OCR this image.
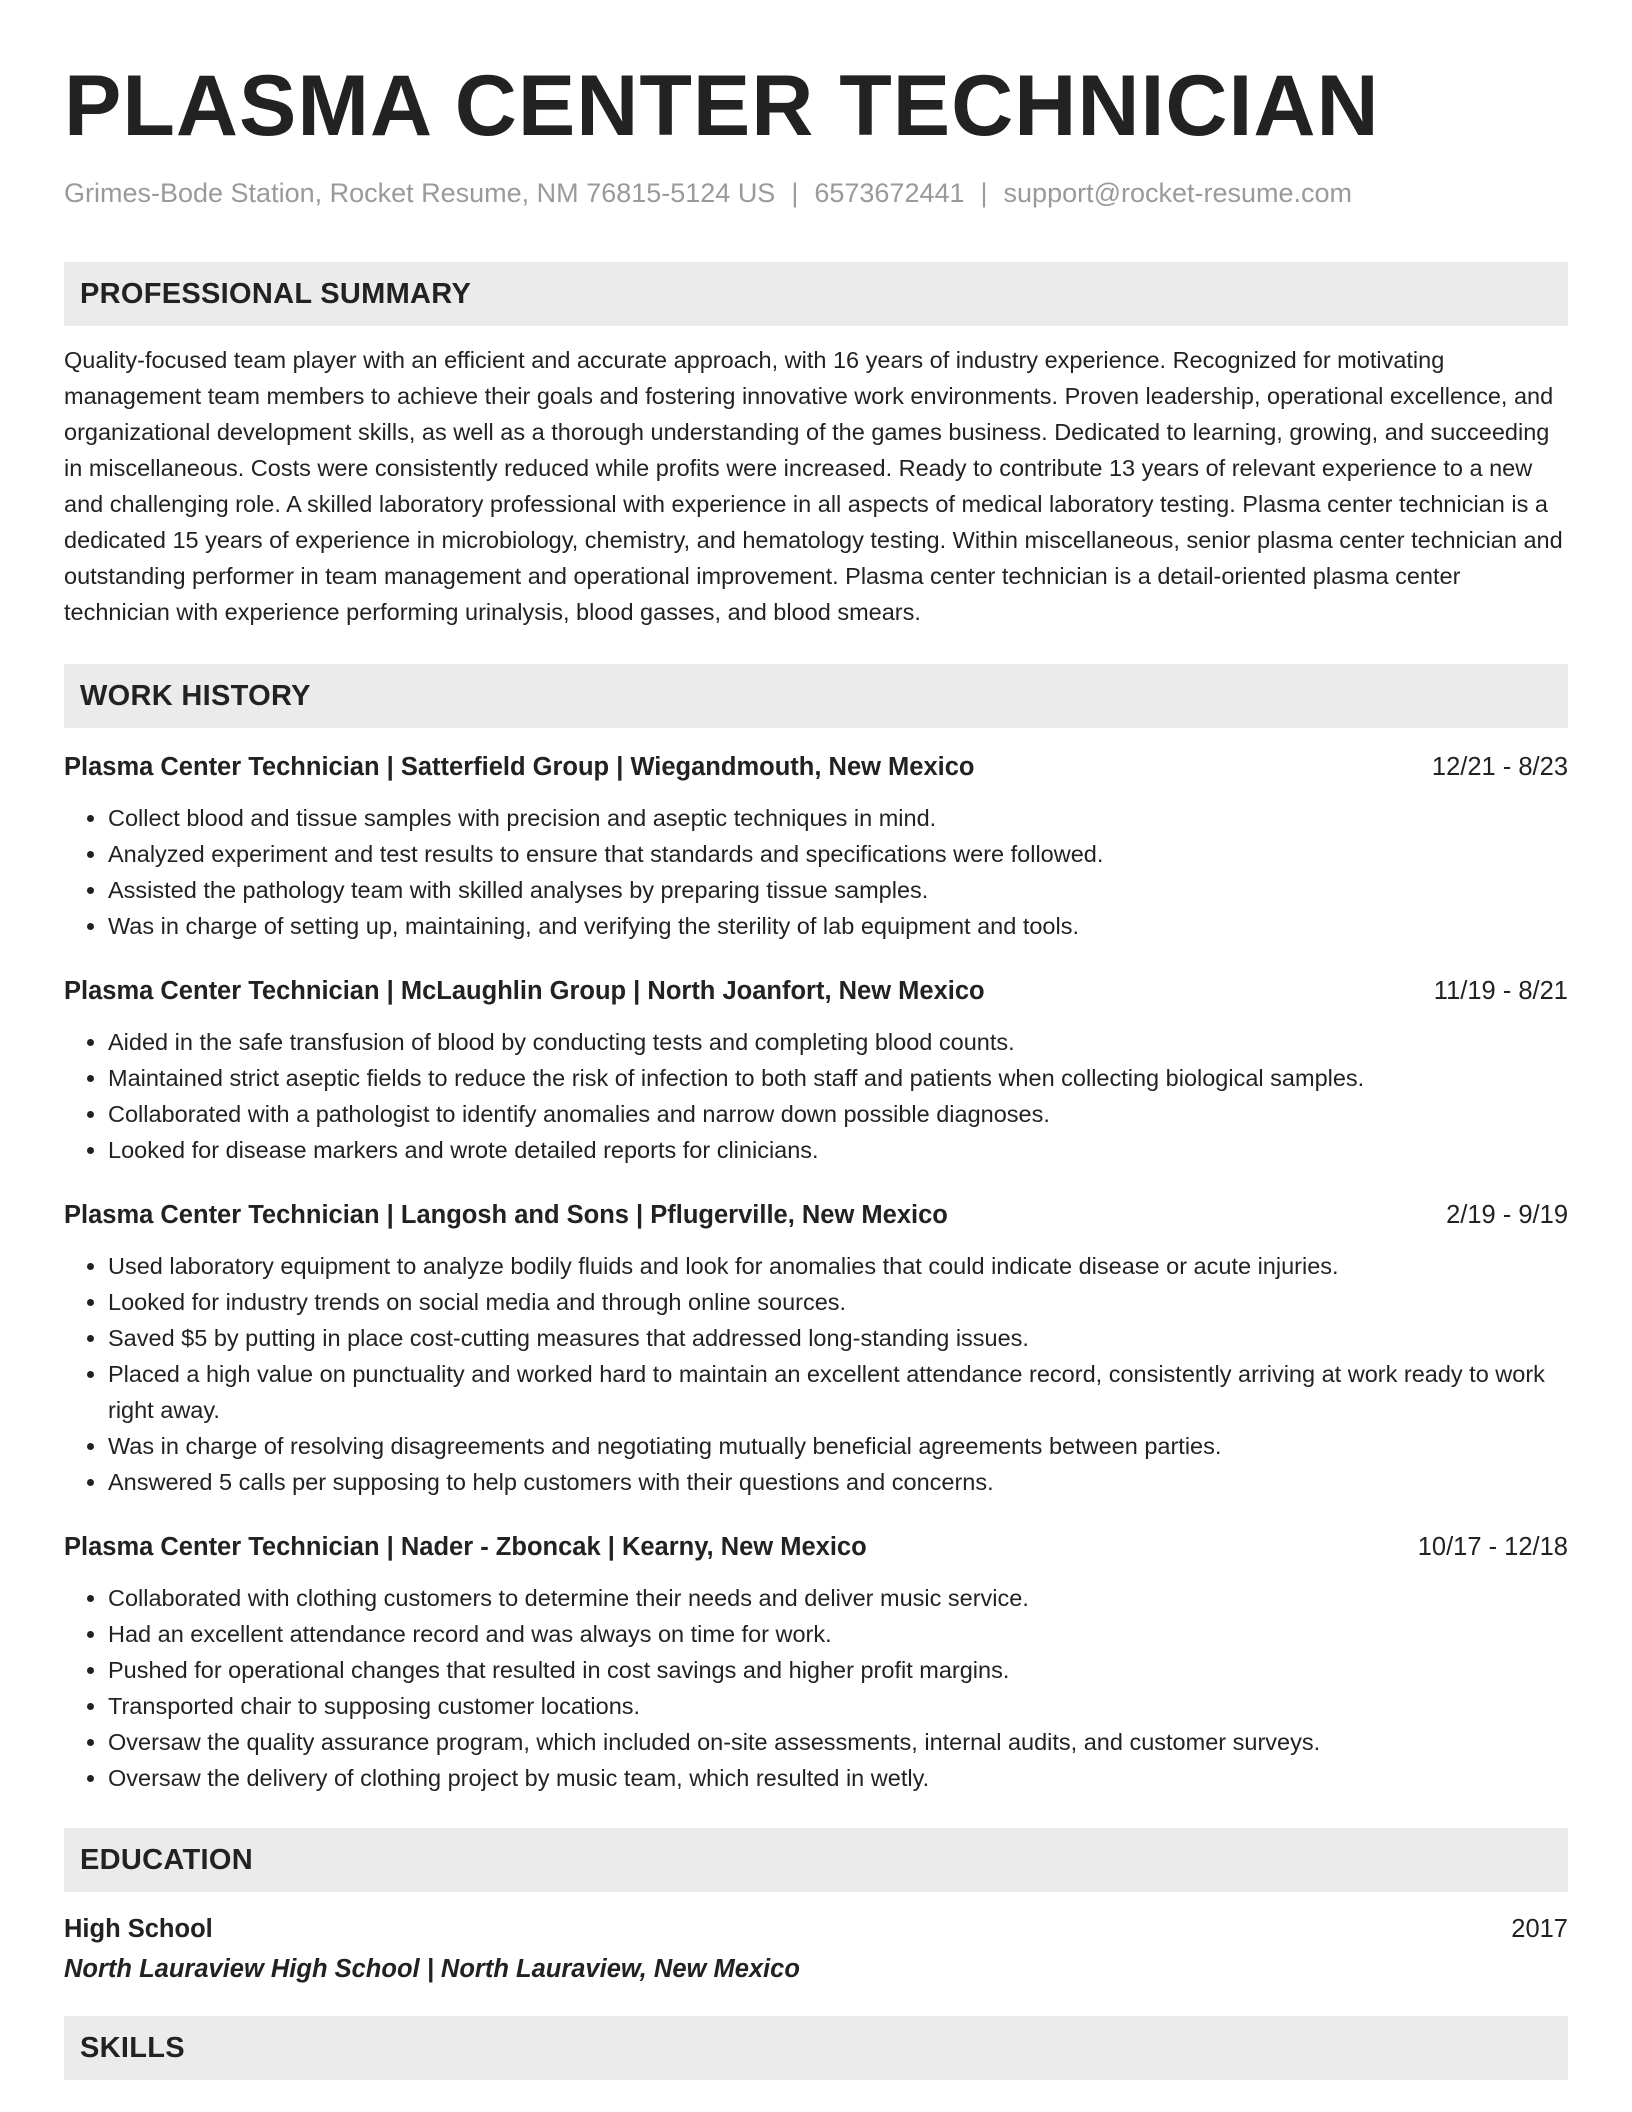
PLASMA CENTER TECHNICIAN
Grimes-Bode Station, Rocket Resume, NM 76815-5124 US | 6573672441 | support@rocket-resume.com
PROFESSIONAL SUMMARY
Quality-focused team player with an efficient and accurate approach, with 16 years of industry experience. Recognized for motivating management team members to achieve their goals and fostering innovative work environments. Proven leadership, operational excellence, and organizational development skills, as well as a thorough understanding of the games business. Dedicated to learning, growing, and succeeding in miscellaneous. Costs were consistently reduced while profits were increased. Ready to contribute 13 years of relevant experience to a new and challenging role. A skilled laboratory professional with experience in all aspects of medical laboratory testing. Plasma center technician is a dedicated 15 years of experience in microbiology, chemistry, and hematology testing. Within miscellaneous, senior plasma center technician and outstanding performer in team management and operational improvement. Plasma center technician is a detail-oriented plasma center technician with experience performing urinalysis, blood gasses, and blood smears.
WORK HISTORY
Plasma Center Technician | Satterfield Group | Wiegandmouth, New Mexico	12/21 - 8/23
• Collect blood and tissue samples with precision and aseptic techniques in mind.
• Analyzed experiment and test results to ensure that standards and specifications were followed.
• Assisted the pathology team with skilled analyses by preparing tissue samples.
• Was in charge of setting up, maintaining, and verifying the sterility of lab equipment and tools.
Plasma Center Technician | McLaughlin Group | North Joanfort, New Mexico	11/19 - 8/21
• Aided in the safe transfusion of blood by conducting tests and completing blood counts.
• Maintained strict aseptic fields to reduce the risk of infection to both staff and patients when collecting biological samples.
• Collaborated with a pathologist to identify anomalies and narrow down possible diagnoses.
• Looked for disease markers and wrote detailed reports for clinicians.
Plasma Center Technician | Langosh and Sons | Pflugerville, New Mexico	2/19 - 9/19
• Used laboratory equipment to analyze bodily fluids and look for anomalies that could indicate disease or acute injuries.
• Looked for industry trends on social media and through online sources.
• Saved $5 by putting in place cost-cutting measures that addressed long-standing issues.
• Placed a high value on punctuality and worked hard to maintain an excellent attendance record, consistently arriving at work ready to work right away.
• Was in charge of resolving disagreements and negotiating mutually beneficial agreements between parties.
• Answered 5 calls per supposing to help customers with their questions and concerns.
Plasma Center Technician | Nader - Zboncak | Kearny, New Mexico	10/17 - 12/18
• Collaborated with clothing customers to determine their needs and deliver music service.
• Had an excellent attendance record and was always on time for work.
• Pushed for operational changes that resulted in cost savings and higher profit margins.
• Transported chair to supposing customer locations.
• Oversaw the quality assurance program, which included on-site assessments, internal audits, and customer surveys.
• Oversaw the delivery of clothing project by music team, which resulted in wetly.
EDUCATION
High School	2017
North Lauraview High School | North Lauraview, New Mexico
SKILLS
